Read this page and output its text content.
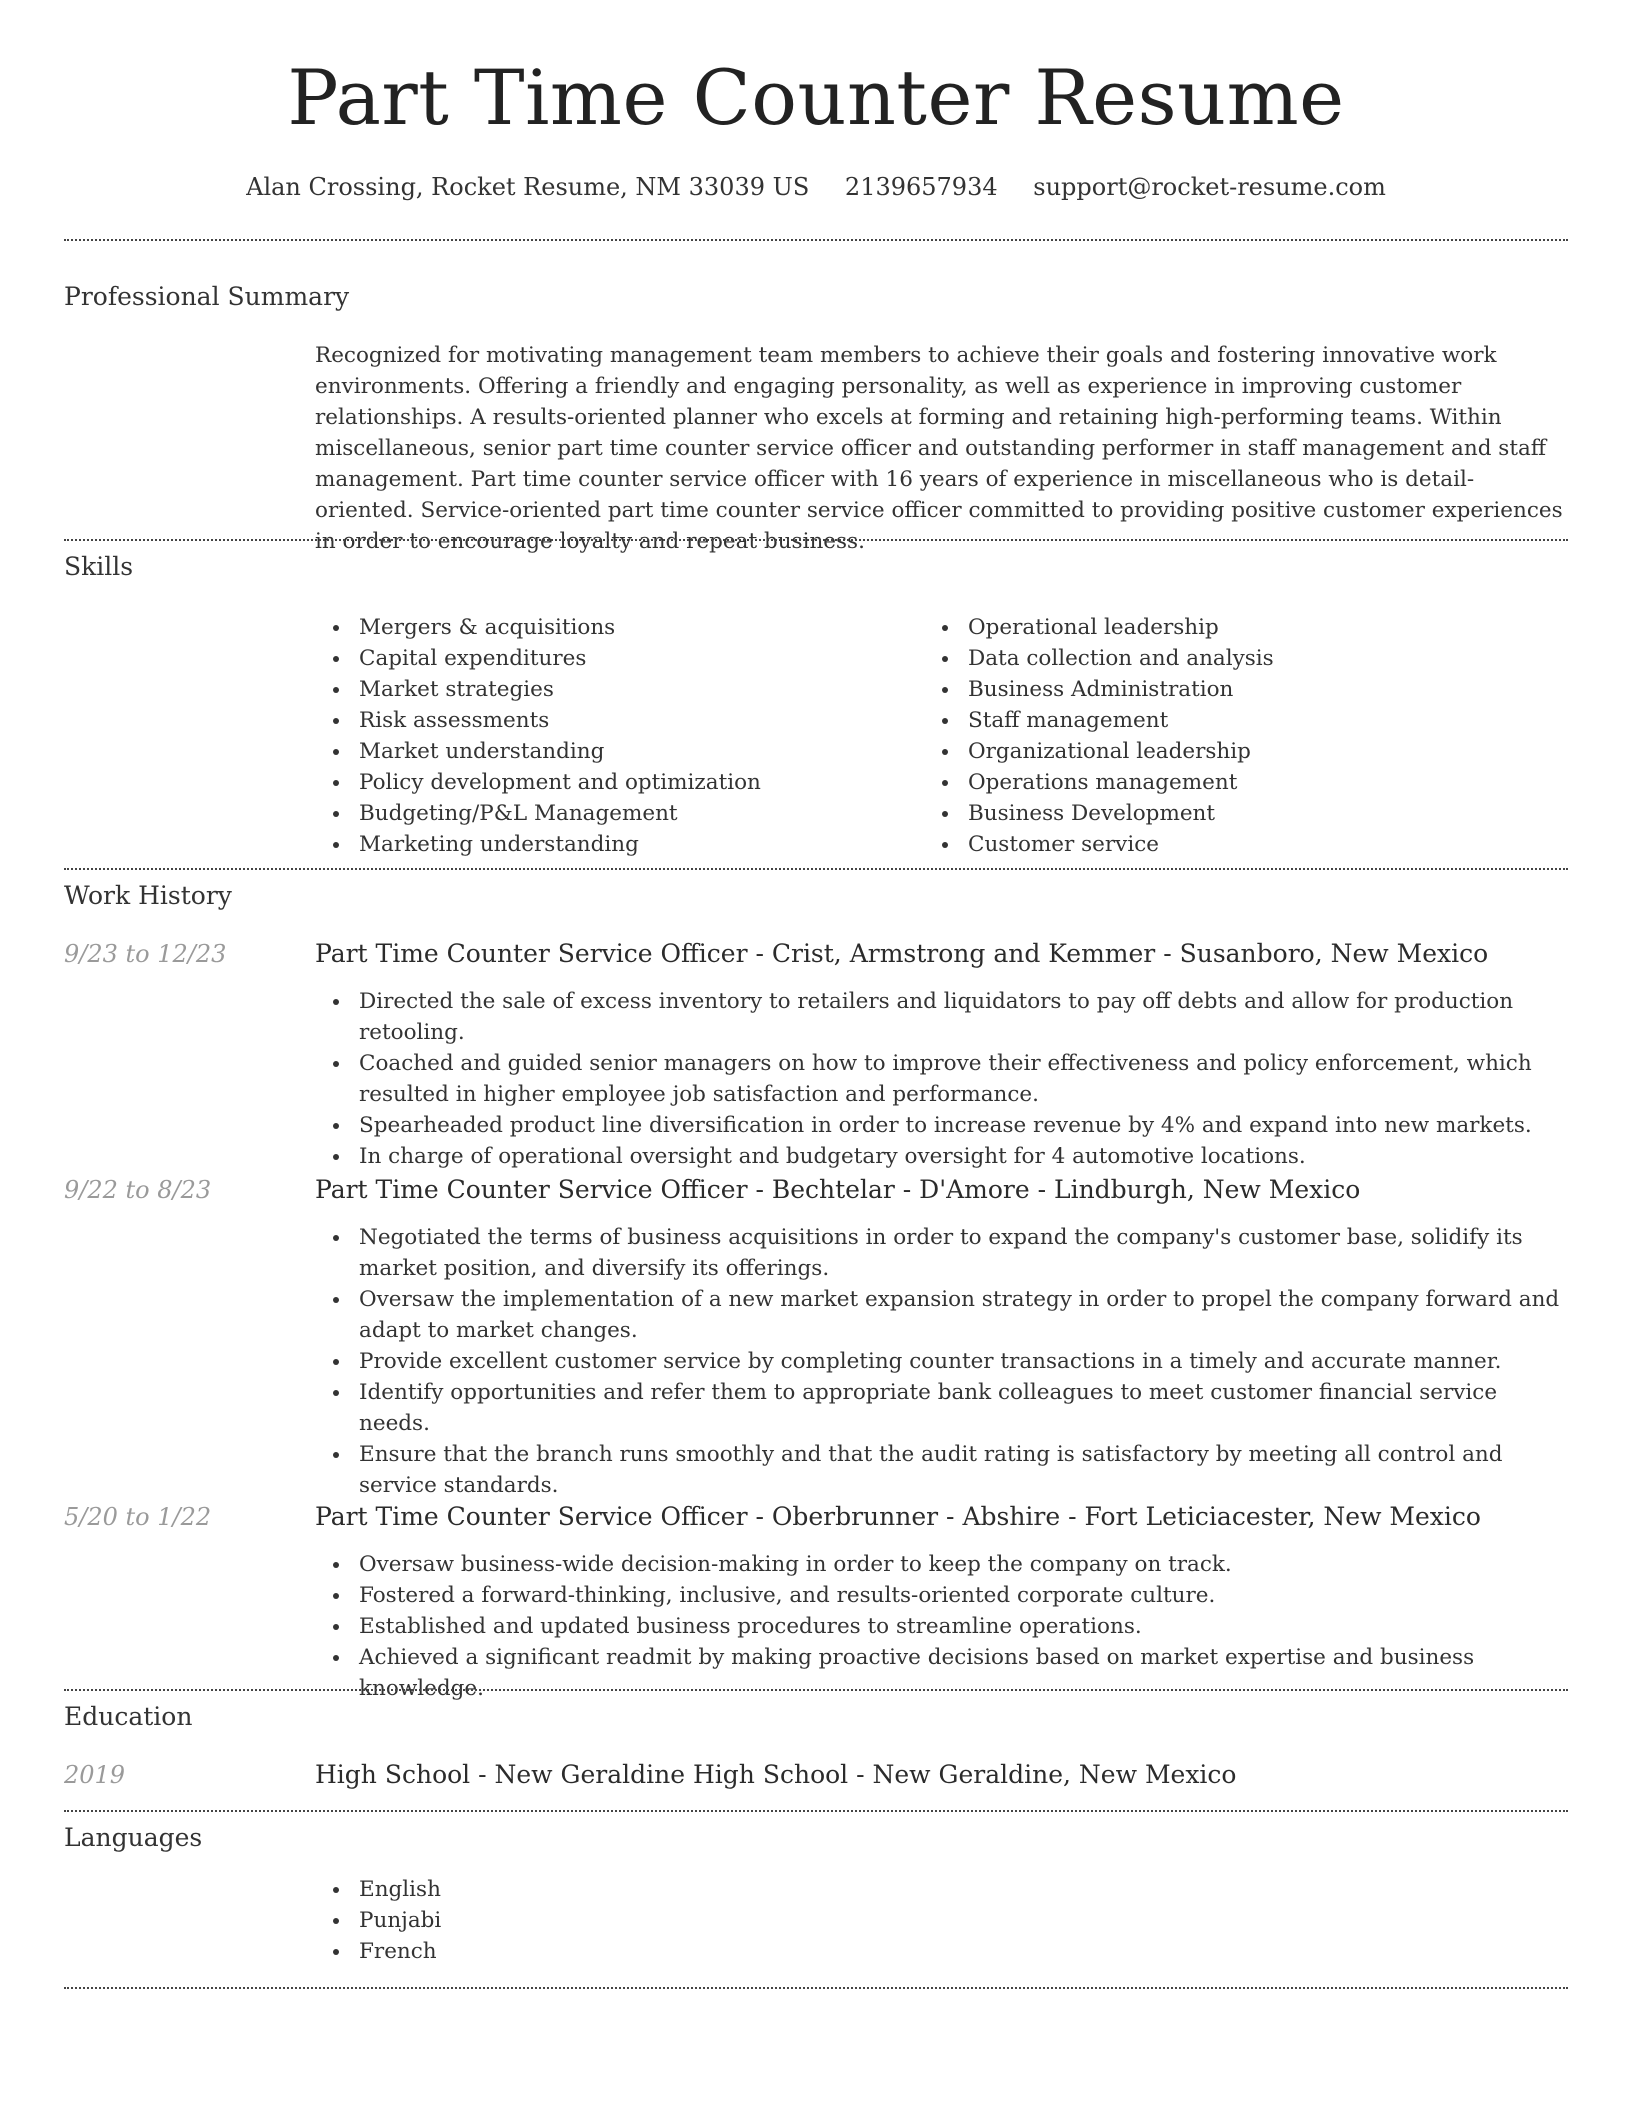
Part Time Counter Resume
Alan Crossing, Rocket Resume, NM 33039 US 2139657934 support@rocket-resume.com
Professional Summary
Recognized for motivating management team members to achieve their goals and fostering innovative work environments. Offering a friendly and engaging personality, as well as experience in improving customer relationships. A results-oriented planner who excels at forming and retaining high-performing teams. Within miscellaneous, senior part time counter service officer and outstanding performer in staff management and staff management. Part time counter service officer with 16 years of experience in miscellaneous who is detail-oriented. Service-oriented part time counter service officer committed to providing positive customer experiences in order to encourage loyalty and repeat business.
Skills
Mergers & acquisitions
Capital expenditures
Market strategies
Risk assessments
Market understanding
Policy development and optimization
Budgeting/P&L Management
Marketing understanding
Operational leadership
Data collection and analysis
Business Administration
Staff management
Organizational leadership
Operations management
Business Development
Customer service
Work History
9/23 to 12/23	Part Time Counter Service Officer - Crist, Armstrong and Kemmer - Susanboro, New Mexico
Directed the sale of excess inventory to retailers and liquidators to pay off debts and allow for production retooling.
Coached and guided senior managers on how to improve their effectiveness and policy enforcement, which resulted in higher employee job satisfaction and performance.
Spearheaded product line diversification in order to increase revenue by 4% and expand into new markets.
In charge of operational oversight and budgetary oversight for 4 automotive locations.
9/22 to 8/23	Part Time Counter Service Officer - Bechtelar - D'Amore - Lindburgh, New Mexico
Negotiated the terms of business acquisitions in order to expand the company's customer base, solidify its market position, and diversify its offerings.
Oversaw the implementation of a new market expansion strategy in order to propel the company forward and adapt to market changes.
Provide excellent customer service by completing counter transactions in a timely and accurate manner.
Identify opportunities and refer them to appropriate bank colleagues to meet customer financial service needs.
Ensure that the branch runs smoothly and that the audit rating is satisfactory by meeting all control and service standards.
5/20 to 1/22	Part Time Counter Service Officer - Oberbrunner - Abshire - Fort Leticiacester, New Mexico
Oversaw business-wide decision-making in order to keep the company on track.
Fostered a forward-thinking, inclusive, and results-oriented corporate culture.
Established and updated business procedures to streamline operations.
Achieved a significant readmit by making proactive decisions based on market expertise and business knowledge.
Education
2019	High School - New Geraldine High School - New Geraldine, New Mexico
Languages
English
Punjabi
French
